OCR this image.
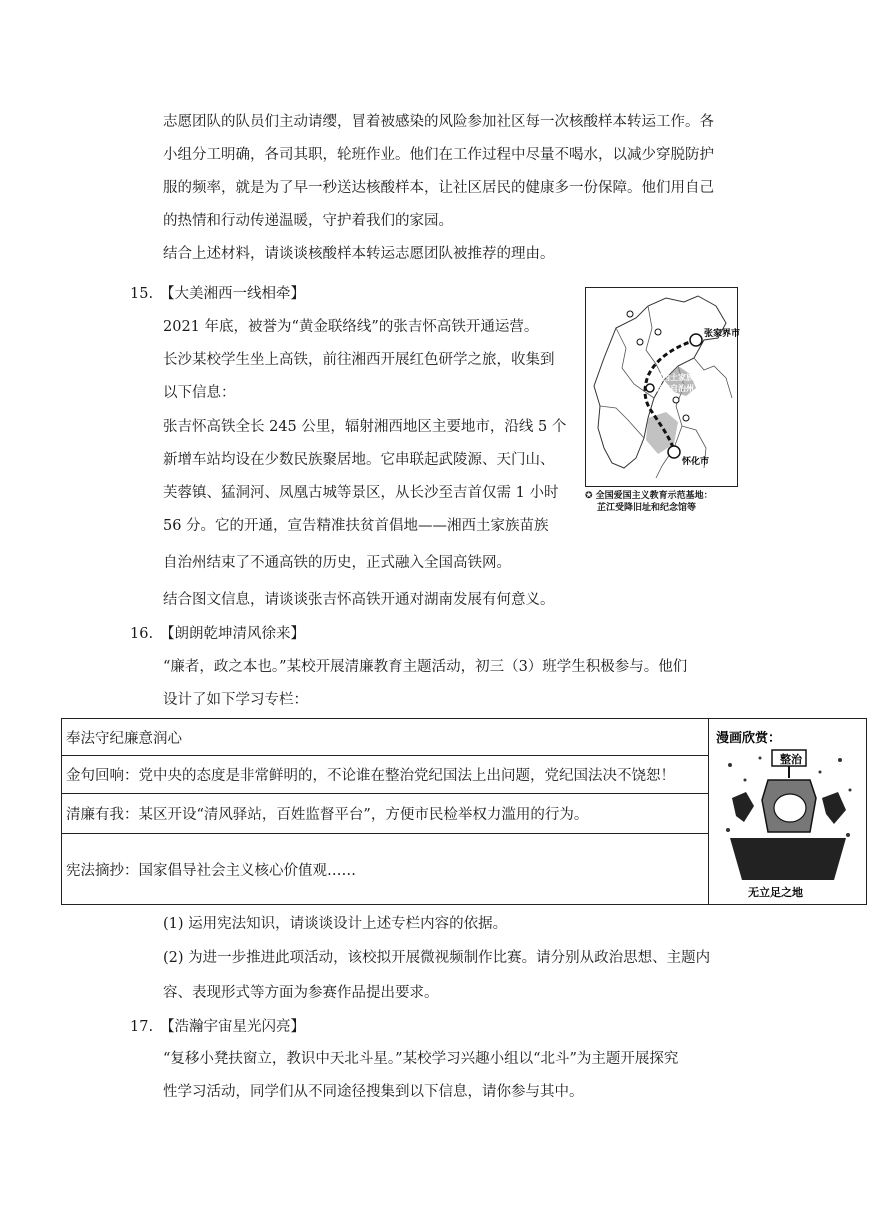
志愿团队的队员们主动请缨，冒着被感染的风险参加社区每一次核酸样本转运工作。各
小组分工明确，各司其职，轮班作业。他们在工作过程中尽量不喝水，以减少穿脱防护
服的频率，就是为了早一秒送达核酸样本，让社区居民的健康多一份保障。他们用自己
的热情和行动传递温暖，守护着我们的家园。
结合上述材料，请谈谈核酸样本转运志愿团队被推荐的理由。
15. 【大美湘西一线相牵】
2021 年底，被誉为“黄金联络线”的张吉怀高铁开通运营。
长沙某校学生坐上高铁，前往湘西开展红色研学之旅，收集到
以下信息：
张吉怀高铁全长 245 公里，辐射湘西地区主要地市，沿线 5 个
新增车站均设在少数民族聚居地。它串联起武陵源、天门山、
芙蓉镇、猛洞河、凤凰古城等景区，从长沙至吉首仅需 1 小时
56 分。它的开通，宣告精准扶贫首倡地——湘西土家族苗族
自治州结束了不通高铁的历史，正式融入全国高铁网。
结合图文信息，请谈谈张吉怀高铁开通对湖南发展有何意义。
张家界市
湘西土家族
苗族自治州
怀化市
✪ 全国爱国主义教育示范基地：
芷江受降旧址和纪念馆等
16. 【朗朗乾坤清风徐来】
“廉者，政之本也。”某校开展清廉教育主题活动，初三（3）班学生积极参与。他们
设计了如下学习专栏：
奉法守纪廉意润心
金句回响：党中央的态度是非常鲜明的，不论谁在整治党纪国法上出问题，党纪国法决不饶恕！
清廉有我：某区开设“清风驿站，百姓监督平台”，方便市民检举权力滥用的行为。
宪法摘抄：国家倡导社会主义核心价值观……
漫画欣赏：
整治
无立足之地
(1) 运用宪法知识，请谈谈设计上述专栏内容的依据。
(2) 为进一步推进此项活动，该校拟开展微视频制作比赛。请分别从政治思想、主题内
容、表现形式等方面为参赛作品提出要求。
17. 【浩瀚宇宙星光闪亮】
“复移小凳扶窗立，教识中天北斗星。”某校学习兴趣小组以“北斗”为主题开展探究
性学习活动，同学们从不同途径搜集到以下信息，请你参与其中。
